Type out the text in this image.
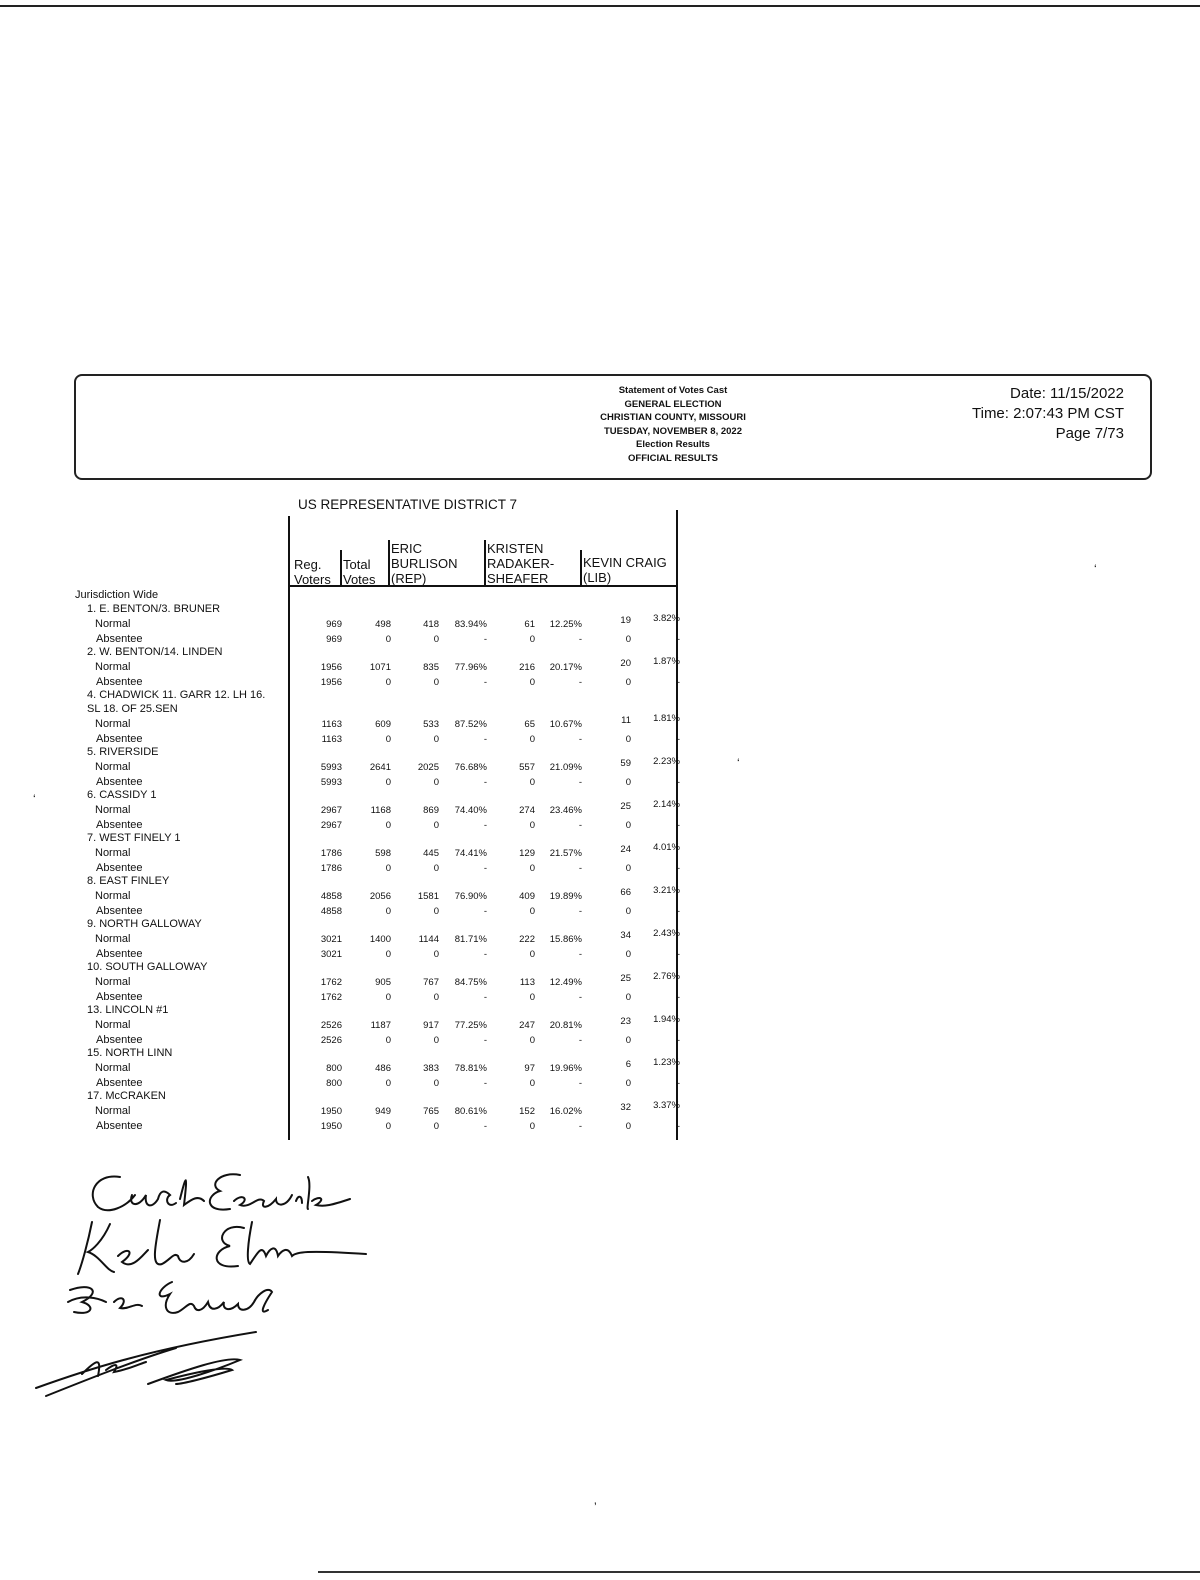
Statement of Votes Cast
GENERAL ELECTION
CHRISTIAN COUNTY, MISSOURI
TUESDAY, NOVEMBER 8, 2022
Election Results
OFFICIAL RESULTS
Date: 11/15/2022
Time: 2:07:43 PM CST
Page 7/73
US REPRESENTATIVE DISTRICT 7
Reg.
Voters
Total
Votes
ERIC
BURLISON
(REP)
KRISTEN
RADAKER-
SHEAFER
KEVIN CRAIG
(LIB)
Jurisdiction Wide
1. E. BENTON/3. BRUNER
Normal	969	498	418	83.94%	61	12.25%	19	3.82%
Absentee	969	0	0	-	0	-	0	-
2. W. BENTON/14. LINDEN
Normal	1956	1071	835	77.96%	216	20.17%	20	1.87%
Absentee	1956	0	0	-	0	-	0	-
4. CHADWICK 11. GARR 12. LH 16.
SL 18. OF 25.SEN
Normal	1163	609	533	87.52%	65	10.67%	11	1.81%
Absentee	1163	0	0	-	0	-	0	-
5. RIVERSIDE
Normal	5993	2641	2025	76.68%	557	21.09%	59	2.23%
Absentee	5993	0	0	-	0	-	0	-
6. CASSIDY 1
Normal	2967	1168	869	74.40%	274	23.46%	25	2.14%
Absentee	2967	0	0	-	0	-	0	-
7. WEST FINELY 1
Normal	1786	598	445	74.41%	129	21.57%	24	4.01%
Absentee	1786	0	0	-	0	-	0	-
8. EAST FINLEY
Normal	4858	2056	1581	76.90%	409	19.89%	66	3.21%
Absentee	4858	0	0	-	0	-	0	-
9. NORTH GALLOWAY
Normal	3021	1400	1144	81.71%	222	15.86%	34	2.43%
Absentee	3021	0	0	-	0	-	0	-
10. SOUTH GALLOWAY
Normal	1762	905	767	84.75%	113	12.49%	25	2.76%
Absentee	1762	0	0	-	0	-	0	-
13. LINCOLN #1
Normal	2526	1187	917	77.25%	247	20.81%	23	1.94%
Absentee	2526	0	0	-	0	-	0	-
15. NORTH LINN
Normal	800	486	383	78.81%	97	19.96%	6	1.23%
Absentee	800	0	0	-	0	-	0	-
17. McCRAKEN
Normal	1950	949	765	80.61%	152	16.02%	32	3.37%
Absentee	1950	0	0	-	0	-	0	-
‘
‘
‘
’
